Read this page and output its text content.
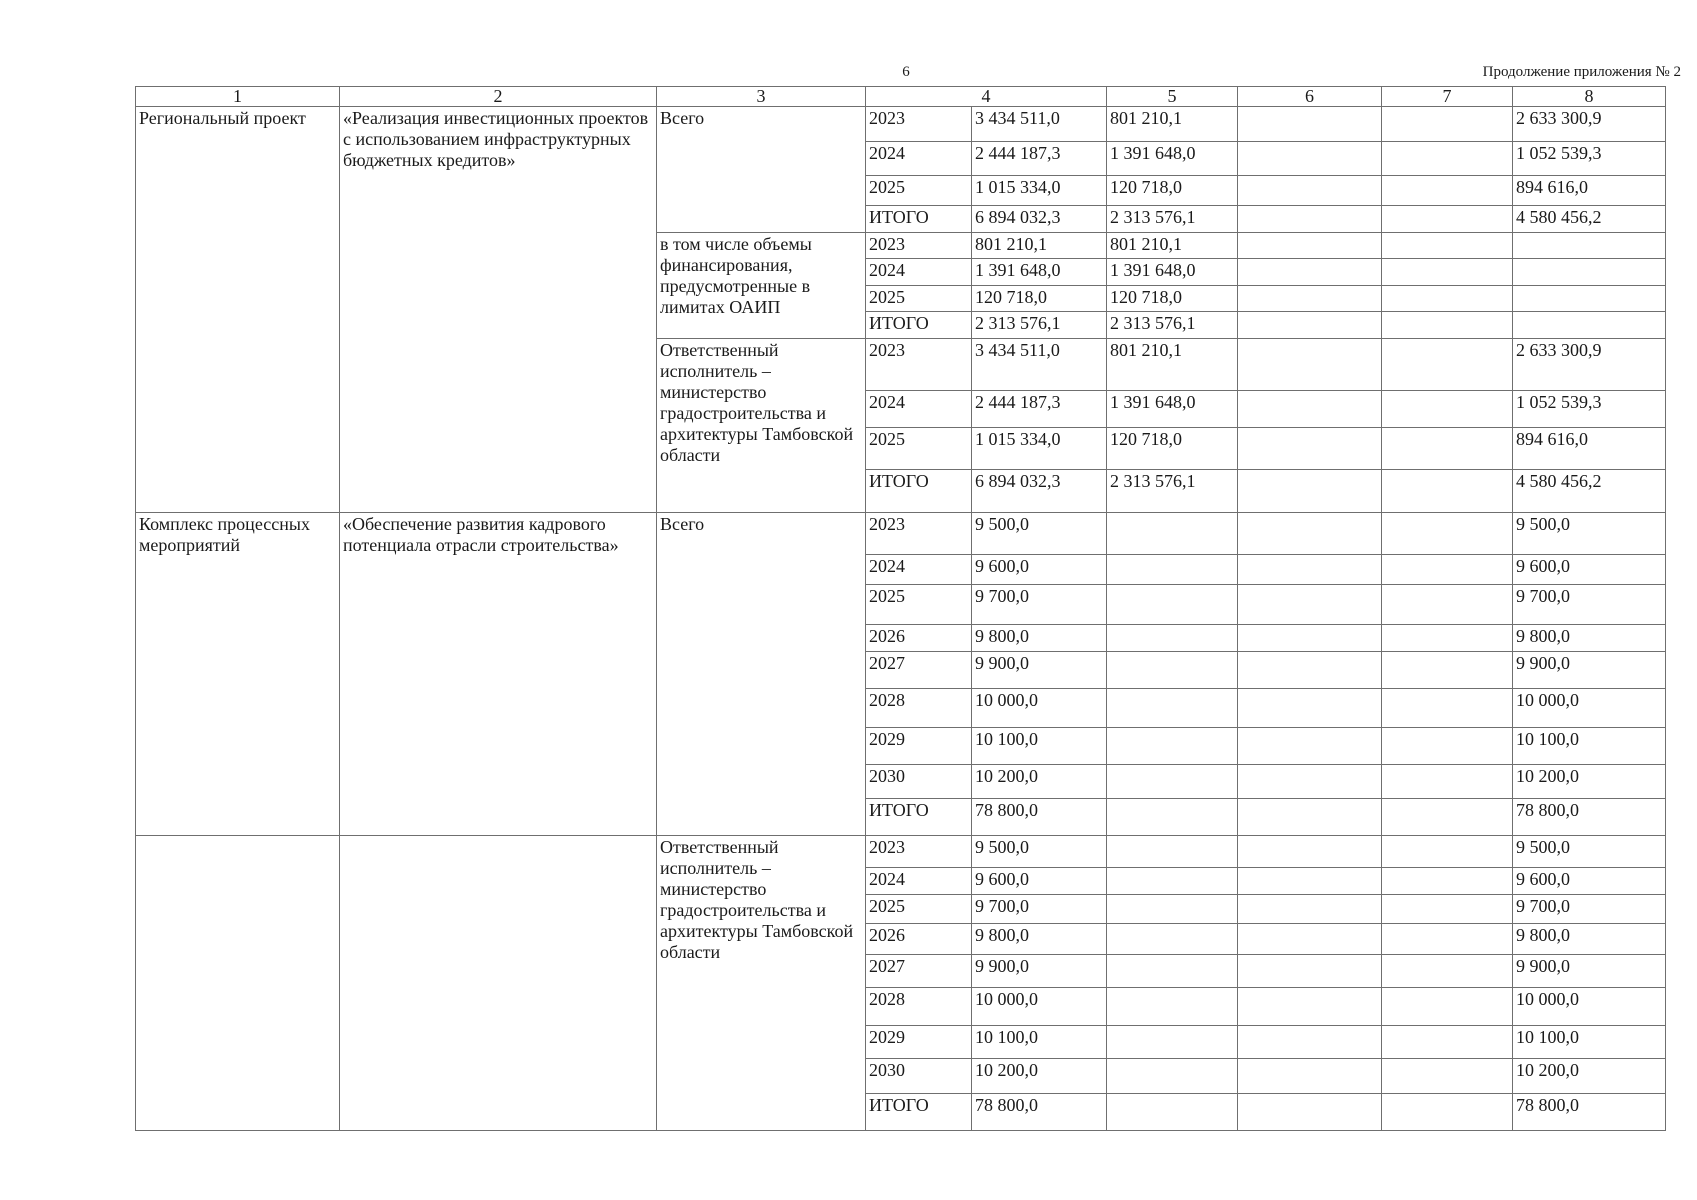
6	Продолжение приложения № 2
1	2	3	4		5	6	7	8
Региональный проект	«Реализация инвестиционных проектов с использованием инфраструктурных бюджетных кредитов»	Всего	2023	3 434 511,0	801 210,1			2 633 300,9
			2024	2 444 187,3	1 391 648,0			1 052 539,3
			2025	1 015 334,0	120 718,0			894 616,0
			ИТОГО	6 894 032,3	2 313 576,1			4 580 456,2
		в том числе объемы финансирования, предусмотренные в лимитах ОАИП	2023	801 210,1	801 210,1			
			2024	1 391 648,0	1 391 648,0			
			2025	120 718,0	120 718,0			
			ИТОГО	2 313 576,1	2 313 576,1			
		Ответственный исполнитель – министерство градостроительства и архитектуры Тамбовской области	2023	3 434 511,0	801 210,1			2 633 300,9
			2024	2 444 187,3	1 391 648,0			1 052 539,3
			2025	1 015 334,0	120 718,0			894 616,0
			ИТОГО	6 894 032,3	2 313 576,1			4 580 456,2
Комплекс процессных мероприятий	«Обеспечение развития кадрового потенциала отрасли строительства»	Всего	2023	9 500,0				9 500,0
			2024	9 600,0				9 600,0
			2025	9 700,0				9 700,0
			2026	9 800,0				9 800,0
			2027	9 900,0				9 900,0
			2028	10 000,0				10 000,0
			2029	10 100,0				10 100,0
			2030	10 200,0				10 200,0
			ИТОГО	78 800,0				78 800,0
		Ответственный исполнитель – министерство градостроительства и архитектуры Тамбовской области	2023	9 500,0				9 500,0
			2024	9 600,0				9 600,0
			2025	9 700,0				9 700,0
			2026	9 800,0				9 800,0
			2027	9 900,0				9 900,0
			2028	10 000,0				10 000,0
			2029	10 100,0				10 100,0
			2030	10 200,0				10 200,0
			ИТОГО	78 800,0				78 800,0
